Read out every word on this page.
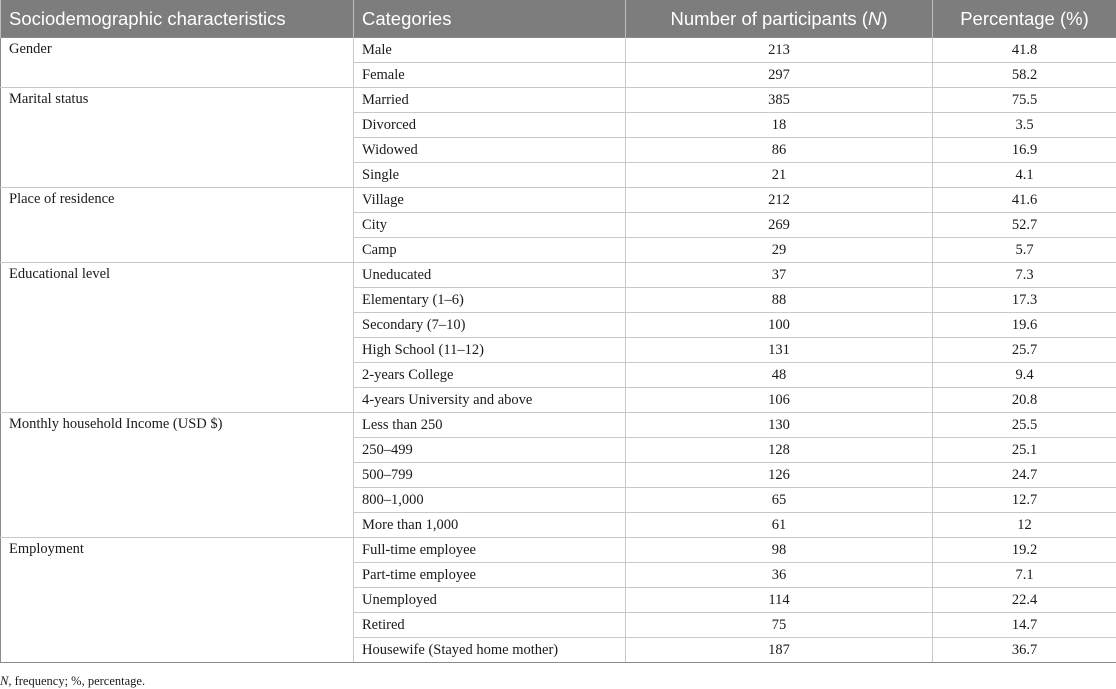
Sociodemographic characteristics	Categories	Number of participants (N)	Percentage (%)
Gender	Male	213	41.8
	Female	297	58.2
Marital status	Married	385	75.5
	Divorced	18	3.5
	Widowed	86	16.9
	Single	21	4.1
Place of residence	Village	212	41.6
	City	269	52.7
	Camp	29	5.7
Educational level	Uneducated	37	7.3
	Elementary (1–6)	88	17.3
	Secondary (7–10)	100	19.6
	High School (11–12)	131	25.7
	2-years College	48	9.4
	4-years University and above	106	20.8
Monthly household Income (USD $)	Less than 250	130	25.5
	250–499	128	25.1
	500–799	126	24.7
	800–1,000	65	12.7
	More than 1,000	61	12
Employment	Full-time employee	98	19.2
	Part-time employee	36	7.1
	Unemployed	114	22.4
	Retired	75	14.7
	Housewife (Stayed home mother)	187	36.7
N, frequency; %, percentage.
